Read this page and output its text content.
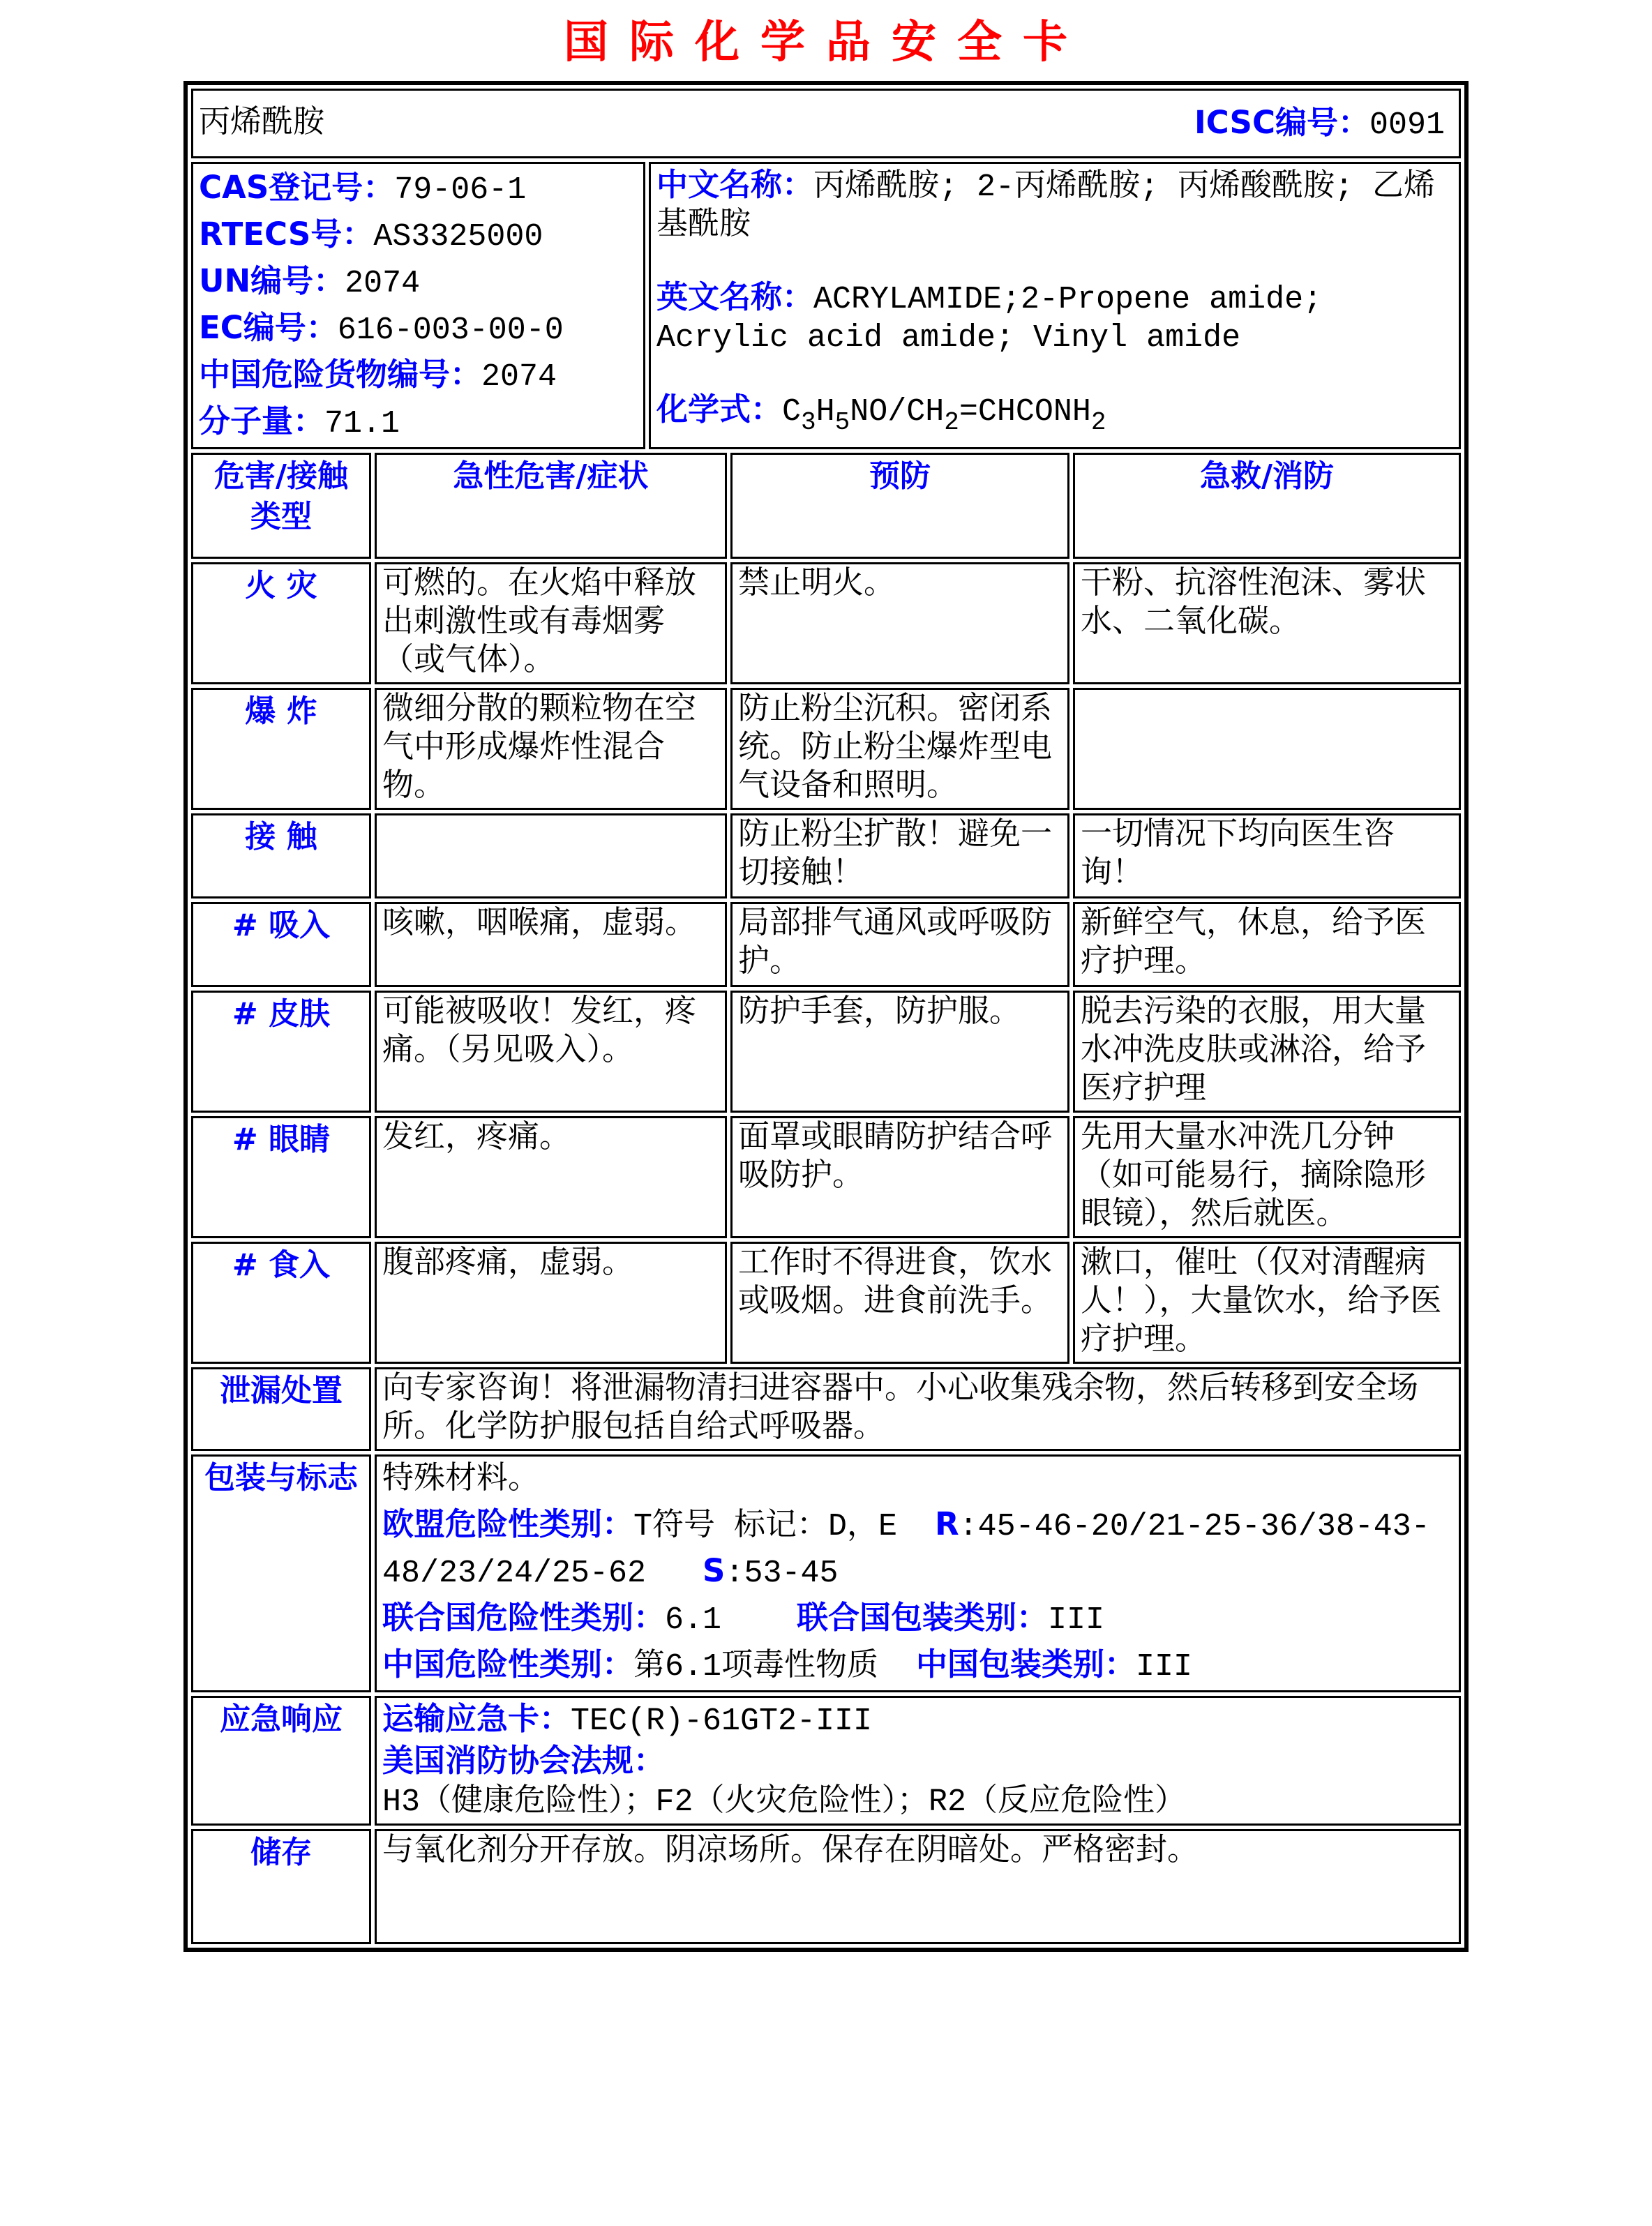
国际化学品安全卡
丙烯酰胺 ICSC编号：0091				

CAS登记号：79-06-1
RTECS号：AS3325000
UN编号：2074
EC编号：616-003-00-0
中国危险货物编号：2074
分子量：71.1

中文名称：丙烯酰胺; 2-丙烯酰胺; 丙烯酸酰胺; 乙烯基酰胺
英文名称：ACRYLAMIDE;2-Propene amide; Acrylic acid amide; Vinyl amide
化学式：$C_3H_5NO/CH_2=CHCONH_2$

危害/接触类型	急性危害/症状		预防	急救/消防
火 灾	可燃的。在火焰中释放出刺激性或有毒烟雾（或气体）。		禁止明火。	干粉、抗溶性泡沫、雾状水、二氧化碳。
爆 炸	微细分散的颗粒物在空气中形成爆炸性混合物。		防止粉尘沉积。密闭系统。防止粉尘爆炸型电气设备和照明。	
接 触			防止粉尘扩散！避免一切接触！	一切情况下均向医生咨询！
# 吸入	咳嗽，咽喉痛，虚弱。		局部排气通风或呼吸防护。	新鲜空气，休息，给予医疗护理。
# 皮肤	可能被吸收！发红，疼痛。（另见吸入）。		防护手套，防护服。	脱去污染的衣服，用大量水冲洗皮肤或淋浴，给予医疗护理
# 眼睛	发红，疼痛。		面罩或眼睛防护结合呼吸防护。	先用大量水冲洗几分钟（如可能易行，摘除隐形眼镜），然后就医。
# 食入	腹部疼痛，虚弱。		工作时不得进食，饮水或吸烟。进食前洗手。	漱口，催吐（仅对清醒病人！），大量饮水，给予医疗护理。
泄漏处置	向专家咨询！将泄漏物清扫进容器中。小心收集残余物，然后转移到安全场所。化学防护服包括自给式呼吸器。			
包装与标志	特殊材料。
欧盟危险性类别：T符号 标记：D，E  R:45-46-20/21-25-36/38-43-48/23/24/25-62   S:53-45
联合国危险性类别：6.1    联合国包装类别：III
中国危险性类别：第6.1项毒性物质  中国包装类别：III			

应急响应	运输应急卡：TEC(R)-61GT2-III
美国消防协会法规：H3（健康危险性）；F2（火灾危险性）；R2（反应危险性）			

储存	与氧化剂分开存放。阴凉场所。保存在阴暗处。严格密封。			
